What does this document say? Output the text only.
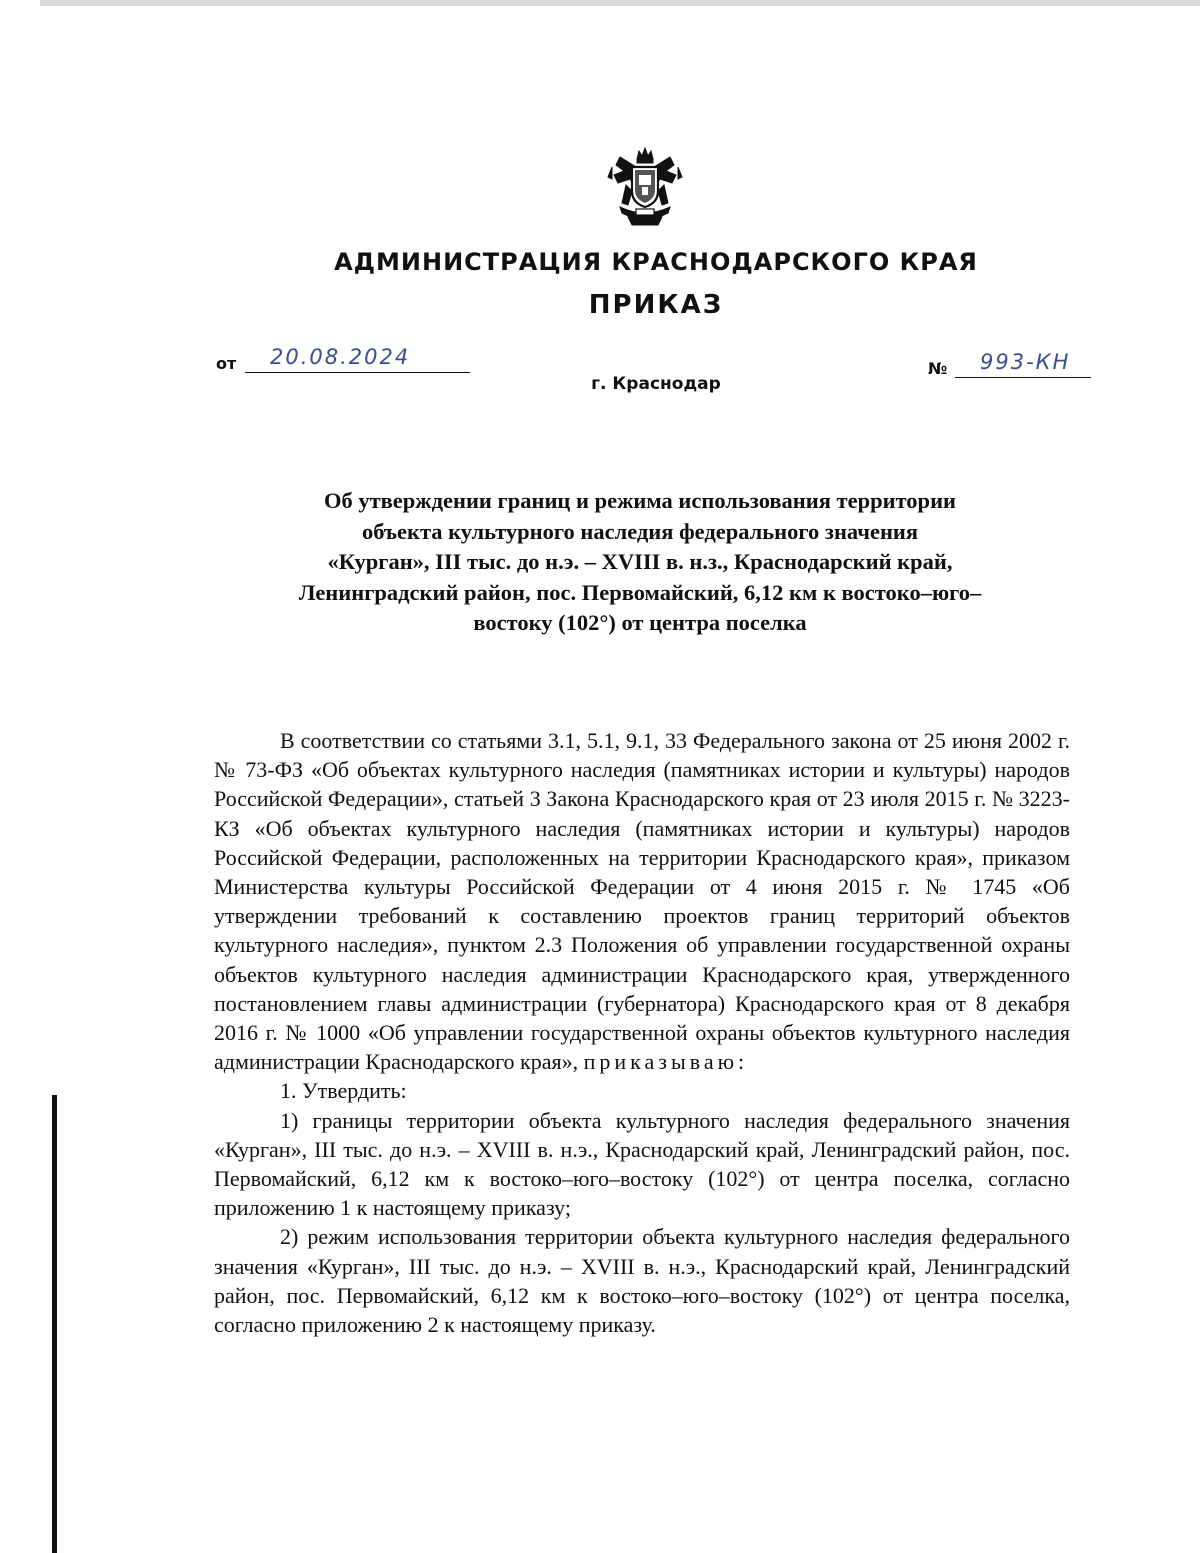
АДМИНИСТРАЦИЯ КРАСНОДАРСКОГО КРАЯ
ПРИКАЗ
от 20.08.2024
г. Краснодар
№ 993-КН
Об утверждении границ и режима использования территории
объекта культурного наследия федерального значения
«Курган», III тыс. до н.э. – XVIII в. н.з., Краснодарский край,
Ленинградский район, пос. Первомайский, 6,12 км к востоко–юго–
востоку (102°) от центра поселка

В соответствии со статьями 3.1, 5.1, 9.1, 33 Федерального закона от 25 июня 2002 г. № 73-ФЗ «Об объектах культурного наследия (памятниках истории и культуры) народов Российской Федерации», статьей 3 Закона Краснодарского края от 23 июля 2015 г. № 3223-КЗ «Об объектах культурного наследия (памятниках истории и культуры) народов Российской Федерации, расположенных на территории Краснодарского края», приказом Министерства культуры Российской Федерации от 4 июня 2015 г. № 1745 «Об утверждении требований к составлению проектов границ территорий объектов культурного наследия», пунктом 2.3 Положения об управлении государственной охраны объектов культурного наследия администрации Краснодарского края, утвержденного постановлением главы администрации (губернатора) Краснодарского края от 8 декабря 2016 г. № 1000 «Об управлении государственной охраны объектов культурного наследия администрации Краснодарского края», приказываю:

1. Утвердить:

1) границы территории объекта культурного наследия федерального значения «Курган», III тыс. до н.э. – XVIII в. н.э., Краснодарский край, Ленинградский район, пос. Первомайский, 6,12 км к востоко–юго–востоку (102°) от центра поселка, согласно приложению 1 к настоящему приказу;

2) режим использования территории объекта культурного наследия федерального значения «Курган», III тыс. до н.э. – XVIII в. н.э., Краснодарский край, Ленинградский район, пос. Первомайский, 6,12 км к востоко–юго–востоку (102°) от центра поселка, согласно приложению 2 к настоящему приказу.
